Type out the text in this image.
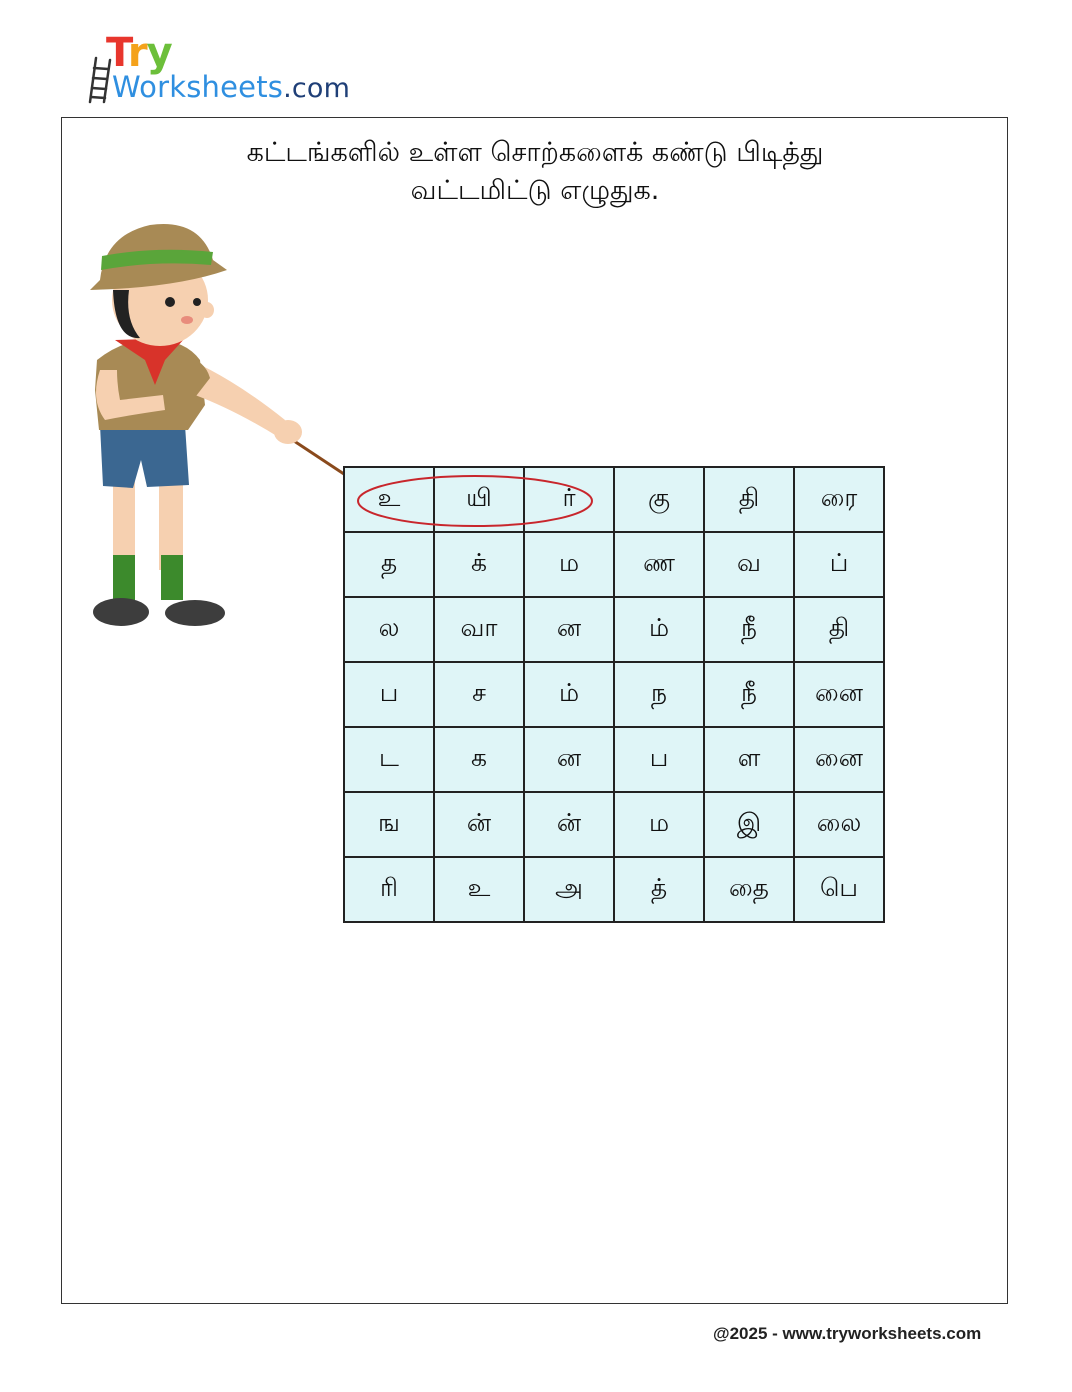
Try
Worksheets.com
கட்டங்களில் உள்ள சொற்களைக் கண்டு பிடித்து
வட்டமிட்டு எழுதுக.
உ	யி	ர்	கு	தி	ரை
த	க்	ம	ண	வ	ப்
ல	வா	ன	ம்	நீ	தி
ப	ச	ம்	ந	நீ	னை
ட	க	ன	ப	ள	னை
ங	ன்	ன்	ம	இ	லை
ரி	உ	அ	த்	தை	பெ
@2025 - www.tryworksheets.com
